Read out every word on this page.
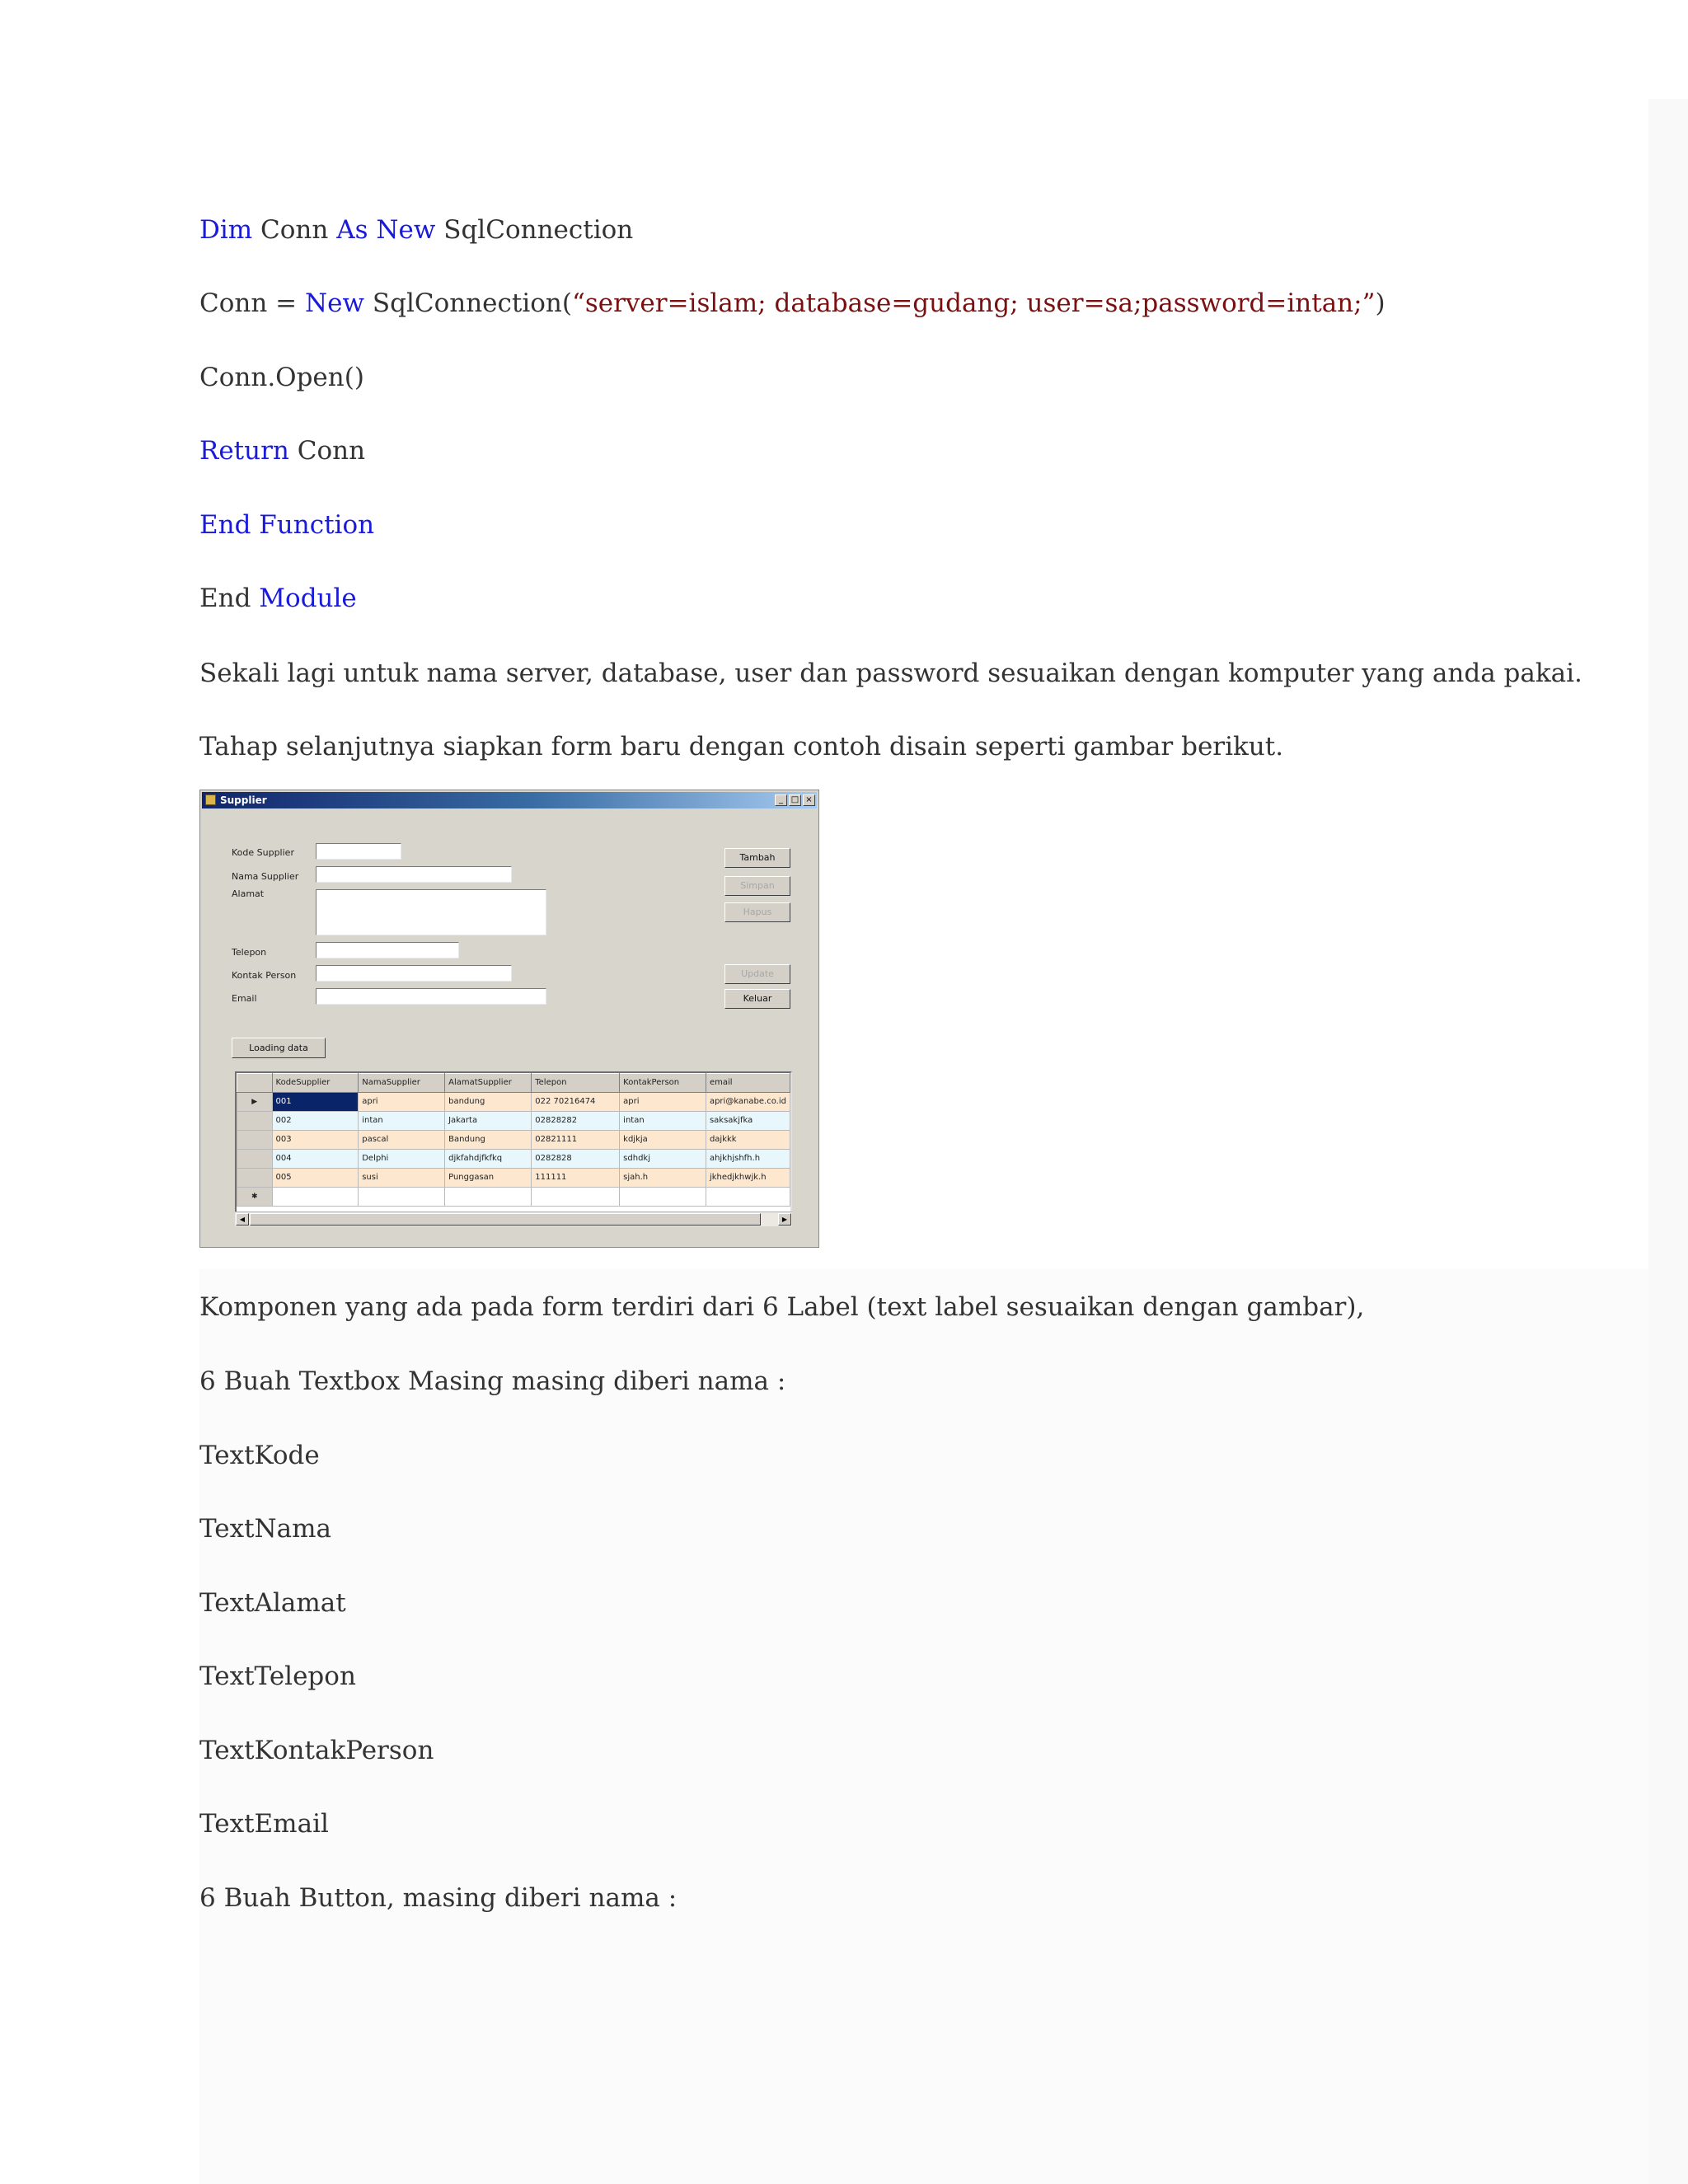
Dim Conn As New SqlConnection
Conn = New SqlConnection(“server=islam; database=gudang; user=sa;password=intan;”)
Conn.Open()
Return Conn
End Function
End Module
Sekali lagi untuk nama server, database, user dan password sesuaikan dengan komputer yang anda pakai.
Tahap selanjutnya siapkan form baru dengan contoh disain seperti gambar berikut.
Supplier	_ □ ×
Kode Supplier
Nama Supplier
Alamat
Telepon
Kontak Person
Email
Tambah
Simpan
Hapus
Update
Keluar
Loading data
	KodeSupplier	NamaSupplier	AlamatSupplier	Telepon	KontakPerson	email
▶	001	apri	bandung	022 70216474	apri	apri@kanabe.co.id
	002	intan	Jakarta	02828282	intan	saksakjfka
	003	pascal	Bandung	02821111	kdjkja	dajkkk
	004	Delphi	djkfahdjfkfkq	0282828	sdhdkj	ahjkhjshfh.h
	005	susi	Punggasan	111111	sjah.h	jkhedjkhwjk.h
✱						
◀	▶
Komponen yang ada pada form terdiri dari 6 Label (text label sesuaikan dengan gambar),
6 Buah Textbox Masing masing diberi nama :
TextKode
TextNama
TextAlamat
TextTelepon
TextKontakPerson
TextEmail
6 Buah Button, masing diberi nama :
